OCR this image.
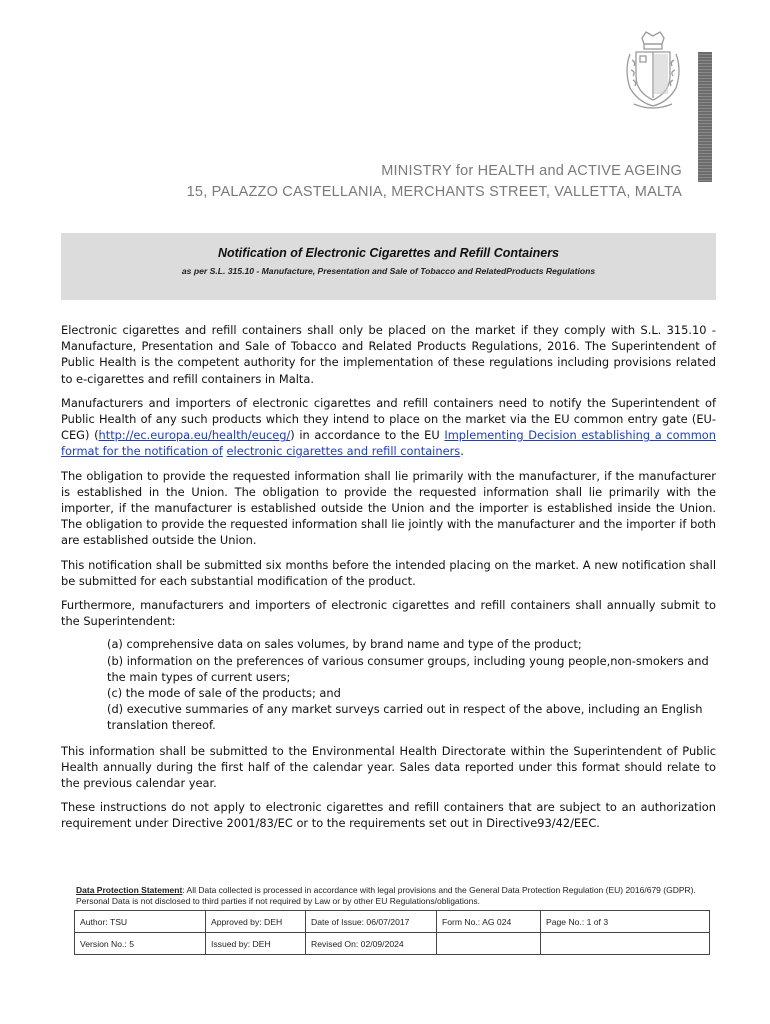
MINISTRY for HEALTH and ACTIVE AGEING
15, PALAZZO CASTELLANIA, MERCHANTS STREET, VALLETTA, MALTA
Notification of Electronic Cigarettes and Refill Containers
as per S.L. 315.10 - Manufacture, Presentation and Sale of Tobacco and RelatedProducts Regulations

Electronic cigarettes and refill containers shall only be placed on the market if they comply with S.L. 315.10 - Manufacture, Presentation and Sale of Tobacco and Related Products Regulations, 2016. The Superintendent of Public Health is the competent authority for the implementation of these regulations including provisions related to e-cigarettes and refill containers in Malta.

Manufacturers and importers of electronic cigarettes and refill containers need to notify the Superintendent of Public Health of any such products which they intend to place on the market via the EU common entry gate (EU-CEG) (http://ec.europa.eu/health/euceg/) in accordance to the EU Implementing Decision establishing a common format for the notification of electronic cigarettes and refill containers.

The obligation to provide the requested information shall lie primarily with the manufacturer, if the manufacturer is established in the Union. The obligation to provide the requested information shall lie primarily with the importer, if the manufacturer is established outside the Union and the importer is established inside the Union. The obligation to provide the requested information shall lie jointly with the manufacturer and the importer if both are established outside the Union.

This notification shall be submitted six months before the intended placing on the market. A new notification shall be submitted for each substantial modification of the product.

Furthermore, manufacturers and importers of electronic cigarettes and refill containers shall annually submit to the Superintendent:

(a) comprehensive data on sales volumes, by brand name and type of the product;
(b) information on the preferences of various consumer groups, including young people,non-smokers and the main types of current users;
(c) the mode of sale of the products; and
(d) executive summaries of any market surveys carried out in respect of the above, including an English translation thereof.

This information shall be submitted to the Environmental Health Directorate within the Superintendent of Public Health annually during the first half of the calendar year. Sales data reported under this format should relate to the previous calendar year.

These instructions do not apply to electronic cigarettes and refill containers that are subject to an authorization requirement under Directive 2001/83/EC or to the requirements set out in Directive93/42/EEC.

Data Protection Statement: All Data collected is processed in accordance with legal provisions and the General Data Protection Regulation (EU) 2016/679 (GDPR). Personal Data is not disclosed to third parties if not required by Law or by other EU Regulations/obligations.
Author: TSU	Approved by: DEH	Date of Issue: 06/07/2017	Form No.: AG 024	Page No.: 1 of 3
Version No.: 5	Issued by: DEH	Revised On: 02/09/2024		
